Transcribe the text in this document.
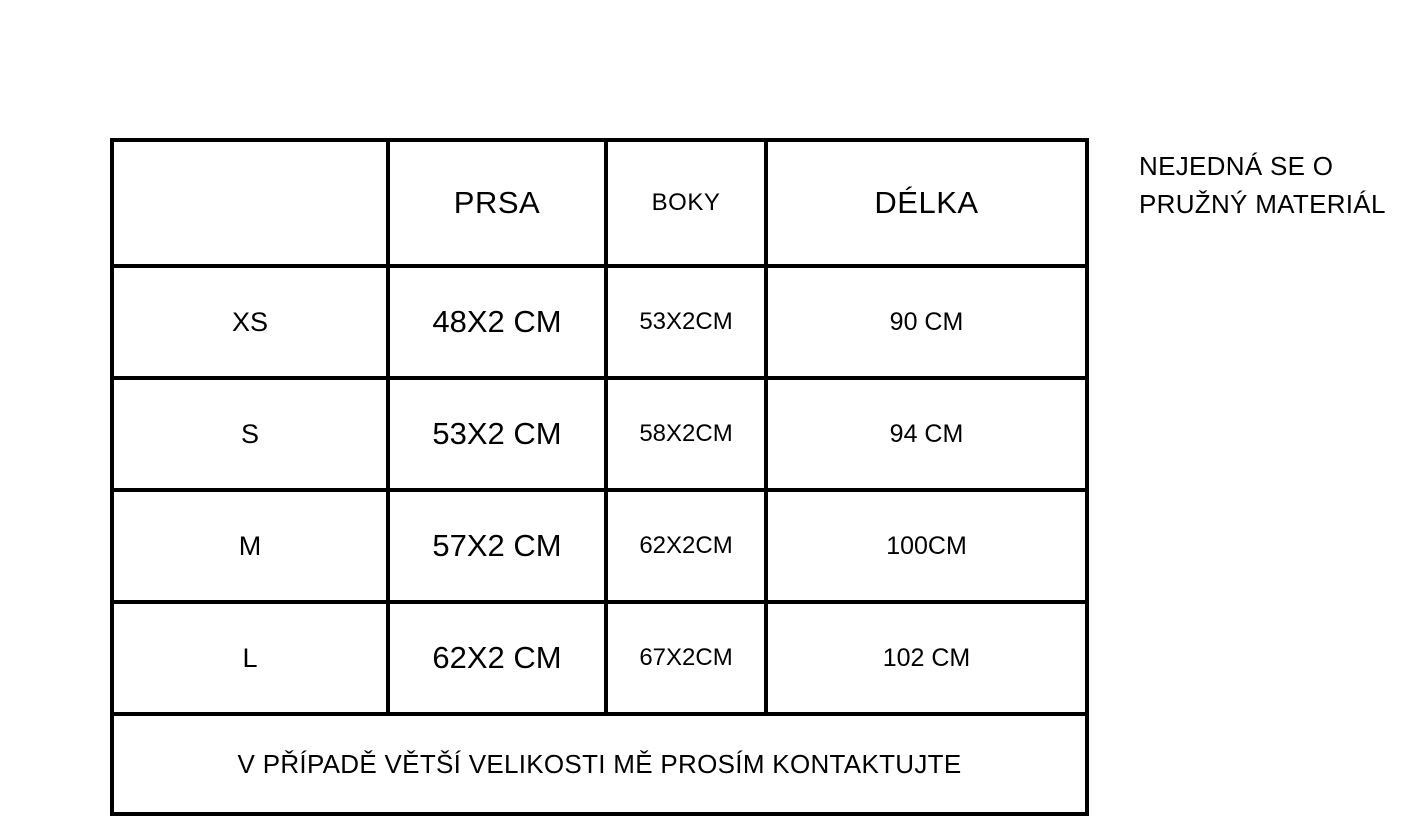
	PRSA	BOKY	DÉLKA
XS	48X2 CM	53X2CM	90 CM
S	53X2 CM	58X2CM	94 CM
M	57X2 CM	62X2CM	100CM
L	62X2 CM	67X2CM	102 CM
V PŘÍPADĚ VĚTŠÍ VELIKOSTI MĚ PROSÍM KONTAKTUJTE			
NEJEDNÁ SE O
PRUŽNÝ MATERIÁL
